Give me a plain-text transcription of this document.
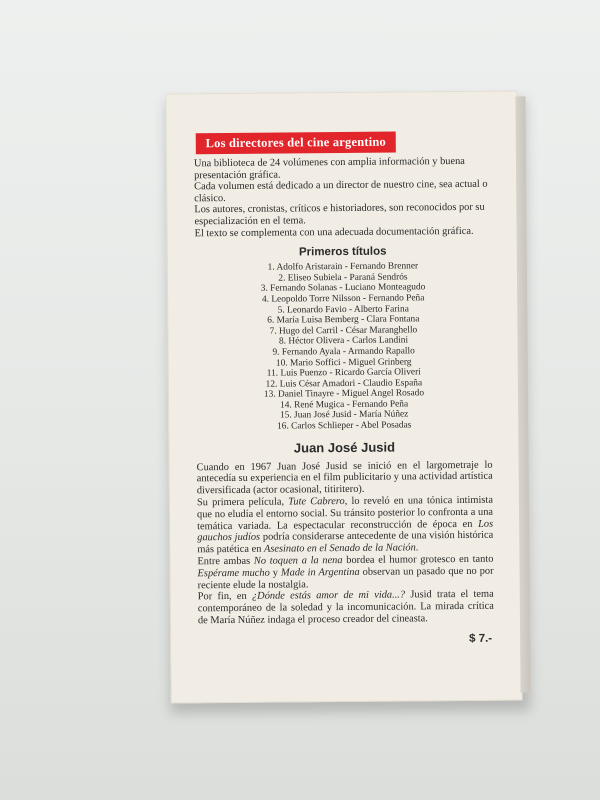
Los directores del cine argentino

Una biblioteca de 24 volúmenes con amplia información y buena presentación gráfica.

Cada volumen está dedicado a un director de nuestro cine, sea actual o clásico.

Los autores, cronistas, críticos e historiadores, son reconocidos por su especialización en el tema.

El texto se complementa con una adecuada documentación gráfica.

Primeros títulos
1. Adolfo Aristarain - Fernando Brenner
2. Eliseo Subiela - Paraná Sendrós
3. Fernando Solanas - Luciano Monteagudo
4. Leopoldo Torre Nilsson - Fernando Peña
5. Leonardo Favio - Alberto Farina
6. María Luisa Bemberg - Clara Fontana
7. Hugo del Carril - César Maranghello
8. Héctor Olivera - Carlos Landini
9. Fernando Ayala - Armando Rapallo
10. Mario Soffici - Miguel Grinberg
11. Luis Puenzo - Ricardo García Oliveri
12. Luis César Amadori - Claudio España
13. Daniel Tinayre - Miguel Angel Rosado
14. René Mugica - Fernando Peña
15. Juan José Jusid - María Núñez
16. Carlos Schlieper - Abel Posadas
Juan José Jusid

Cuando en 1967 Juan José Jusid se inició en el largometraje lo antecedía su experiencia en el film publicitario y una actividad artística diversificada (actor ocasional, titiritero).

Su primera película, Tute Cabrero, lo reveló en una tónica intimista que no eludía el entorno social. Su tránsito posterior lo confronta a una temática variada. La espectacular reconstrucción de época en Los gauchos judíos podría considerarse antecedente de una visión histórica más patética en Asesinato en el Senado de la Nación.

Entre ambas No toquen a la nena bordea el humor grotesco en tanto Espérame mucho y Made in Argentina observan un pasado que no por reciente elude la nostalgia.

Por fin, en ¿Dónde estás amor de mi vida...? Jusid trata el tema contemporáneo de la soledad y la incomunicación. La mirada crítica de María Núñez indaga el proceso creador del cineasta.

$ 7.-
